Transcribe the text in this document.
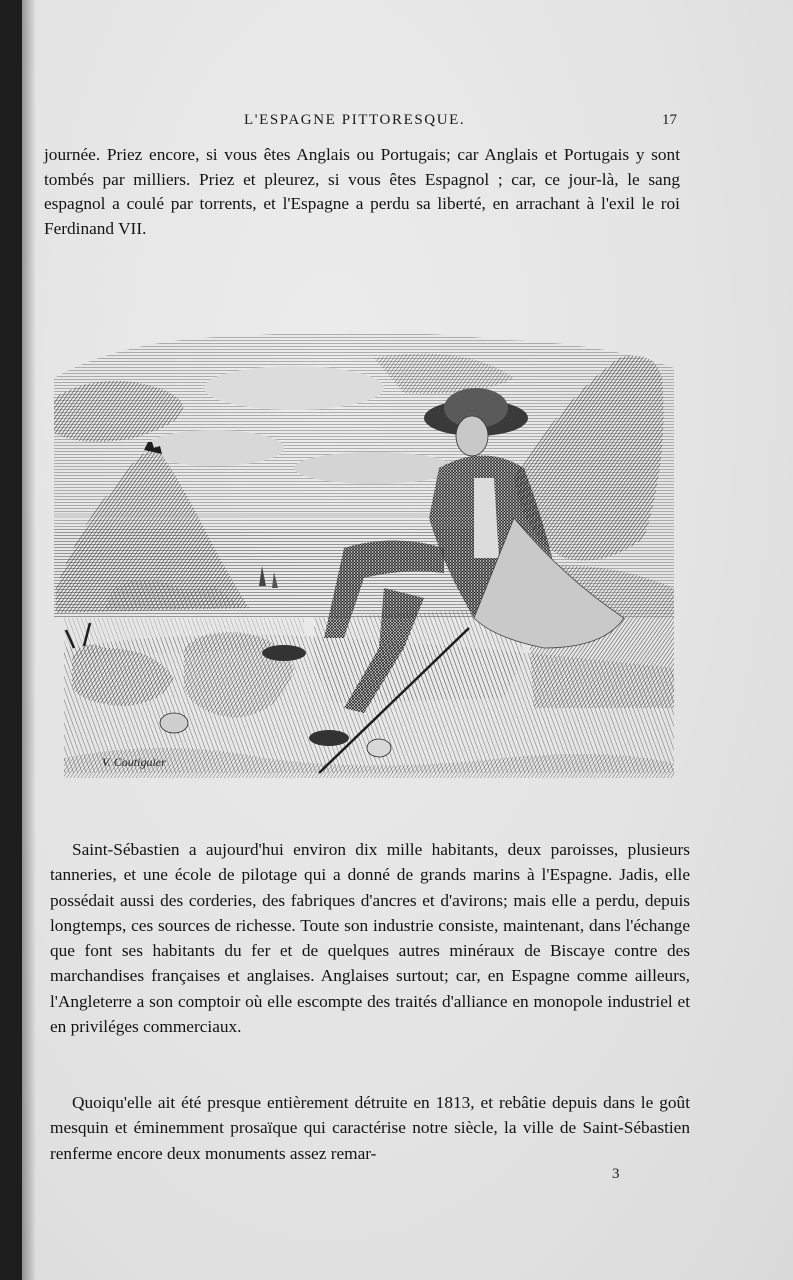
L'ESPAGNE PITTORESQUE.	17

journée. Priez encore, si vous êtes Anglais ou Portugais; car Anglais et Portugais y sont tombés par milliers. Priez et pleurez, si vous êtes Espagnol ; car, ce jour-là, le sang espagnol a coulé par torrents, et l'Espagne a perdu sa liberté, en arrachant à l'exil le roi Ferdinand VII.

V. Coutiguier

Saint-Sébastien a aujourd'hui environ dix mille habitants, deux paroisses, plusieurs tanneries, et une école de pilotage qui a donné de grands marins à l'Espagne. Jadis, elle possédait aussi des corderies, des fabriques d'ancres et d'avirons; mais elle a perdu, depuis longtemps, ces sources de richesse. Toute son industrie consiste, maintenant, dans l'échange que font ses habitants du fer et de quelques autres minéraux de Biscaye contre des marchandises françaises et anglaises. Anglaises surtout; car, en Espagne comme ailleurs, l'Angleterre a son comptoir où elle escompte des traités d'alliance en monopole industriel et en priviléges commerciaux.

Quoiqu'elle ait été presque entièrement détruite en 1813, et rebâtie depuis dans le goût mesquin et éminemment prosaïque qui caractérise notre siècle, la ville de Saint-Sébastien renferme encore deux monuments assez remar-

3
